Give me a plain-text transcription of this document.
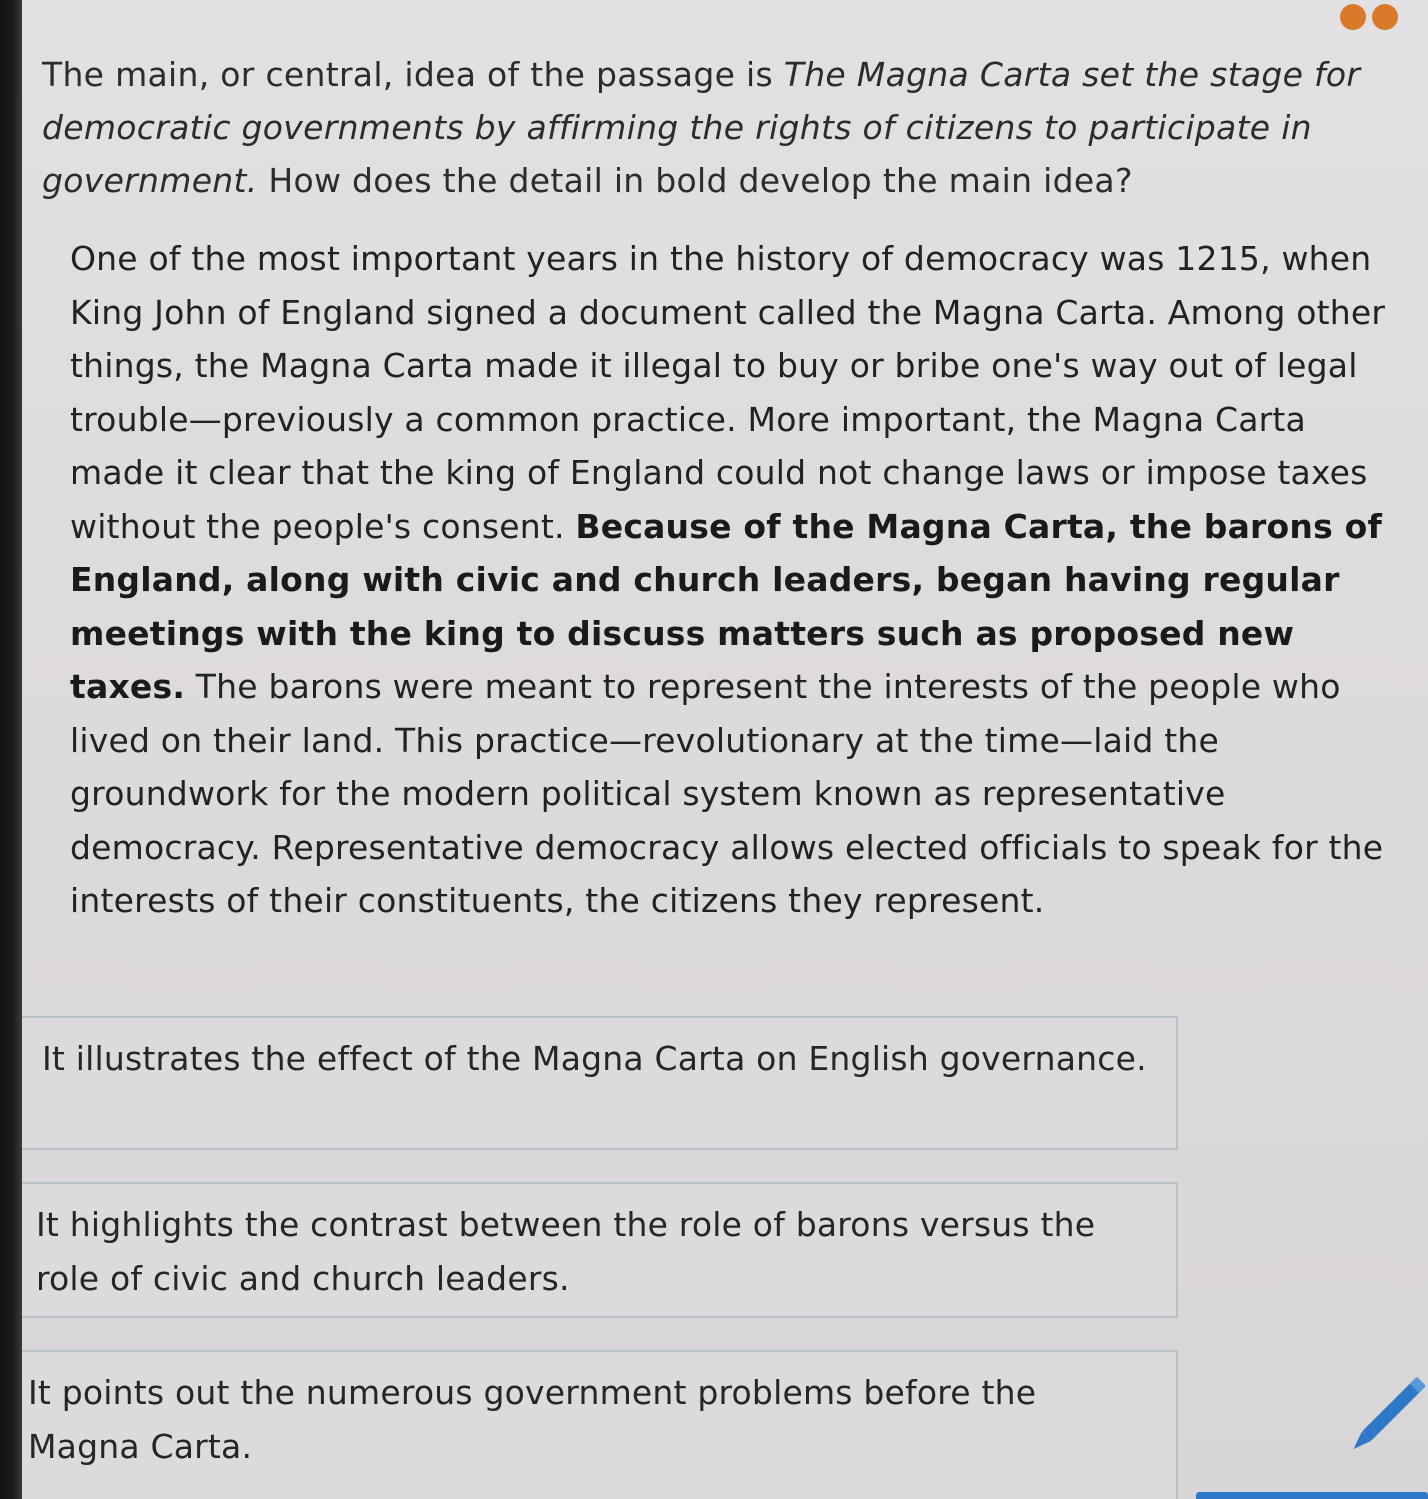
The main, or central, idea of the passage is The Magna Carta set the stage for democratic governments by affirming the rights of citizens to participate in government. How does the detail in bold develop the main idea?
One of the most important years in the history of democracy was 1215, when King John of England signed a document called the Magna Carta. Among other things, the Magna Carta made it illegal to buy or bribe one's way out of legal trouble—previously a common practice. More important, the Magna Carta made it clear that the king of England could not change laws or impose taxes without the people's consent. Because of the Magna Carta, the barons of England, along with civic and church leaders, began having regular meetings with the king to discuss matters such as proposed new taxes. The barons were meant to represent the interests of the people who lived on their land. This practice—revolutionary at the time—laid the groundwork for the modern political system known as representative democracy. Representative democracy allows elected officials to speak for the interests of their constituents, the citizens they represent.
It illustrates the effect of the Magna Carta on English governance.
It highlights the contrast between the role of barons versus the role of civic and church leaders.
It points out the numerous government problems before the Magna Carta.
